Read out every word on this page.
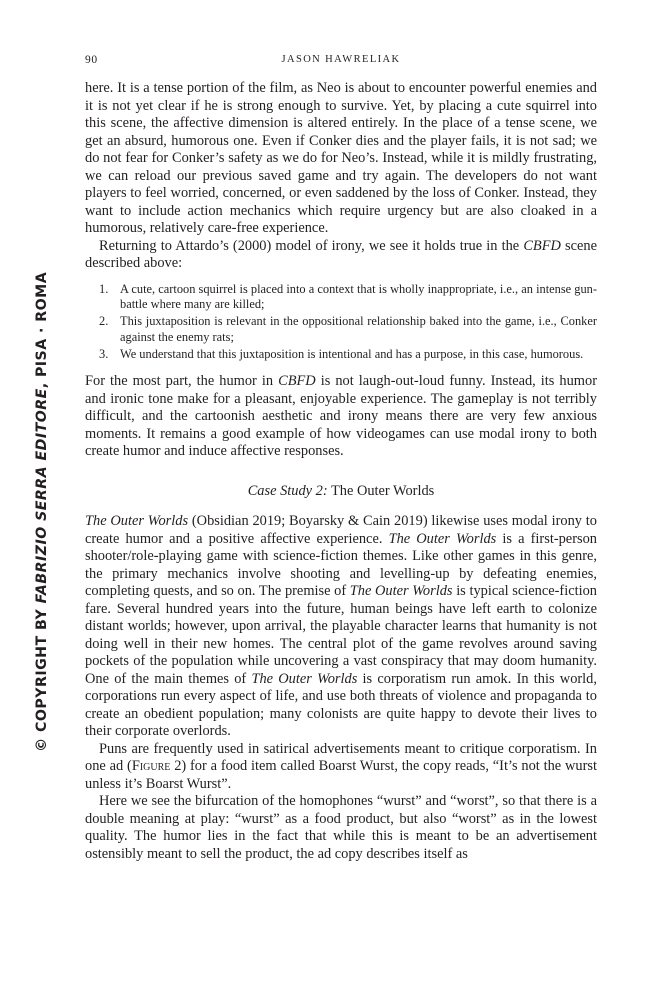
90	JASON HAWRELIAK
© COPYRIGHT BY FABRIZIO SERRA EDITORE, PISA · ROMA

here. It is a tense portion of the film, as Neo is about to encounter powerful enemies and it is not yet clear if he is strong enough to survive. Yet, by placing a cute squirrel into this scene, the affective dimension is altered entirely. In the place of a tense scene, we get an absurd, humorous one. Even if Conker dies and the player fails, it is not sad; we do not fear for Conker’s safety as we do for Neo’s. Instead, while it is mildly frustrating, we can reload our previous saved game and try again. The developers do not want players to feel worried, concerned, or even saddened by the loss of Conker. Instead, they want to include action mechanics which require urgency but are also cloaked in a humorous, relatively care-free experience.

Returning to Attardo’s (2000) model of irony, we see it holds true in the CBFD scene described above:

1. A cute, cartoon squirrel is placed into a context that is wholly inappropriate, i.e., an intense gun-battle where many are killed;
2. This juxtaposition is relevant in the oppositional relationship baked into the game, i.e., Conker against the enemy rats;
3. We understand that this juxtaposition is intentional and has a purpose, in this case, humorous.

For the most part, the humor in CBFD is not laugh-out-loud funny. Instead, its humor and ironic tone make for a pleasant, enjoyable experience. The gameplay is not terribly difficult, and the cartoonish aesthetic and irony means there are very few anxious moments. It remains a good example of how videogames can use modal irony to both create humor and induce affective responses.

Case Study 2: The Outer Worlds

The Outer Worlds (Obsidian 2019; Boyarsky & Cain 2019) likewise uses modal irony to create humor and a positive affective experience. The Outer Worlds is a first-person shooter/role-playing game with science-fiction themes. Like other games in this genre, the primary mechanics involve shooting and levelling-up by defeating enemies, completing quests, and so on. The premise of The Outer Worlds is typical science-fiction fare. Several hundred years into the future, human beings have left earth to colonize distant worlds; however, upon arrival, the playable character learns that humanity is not doing well in their new homes. The central plot of the game revolves around saving pockets of the population while uncovering a vast conspiracy that may doom humanity. One of the main themes of The Outer Worlds is corporatism run amok. In this world, corporations run every aspect of life, and use both threats of violence and propaganda to create an obedient population; many colonists are quite happy to devote their lives to their corporate overlords.

Puns are frequently used in satirical advertisements meant to critique corporatism. In one ad (Figure 2) for a food item called Boarst Wurst, the copy reads, “It’s not the wurst unless it’s Boarst Wurst”.

Here we see the bifurcation of the homophones “wurst” and “worst”, so that there is a double meaning at play: “wurst” as a food product, but also “worst” as in the lowest quality. The humor lies in the fact that while this is meant to be an advertisement ostensibly meant to sell the product, the ad copy describes itself as
